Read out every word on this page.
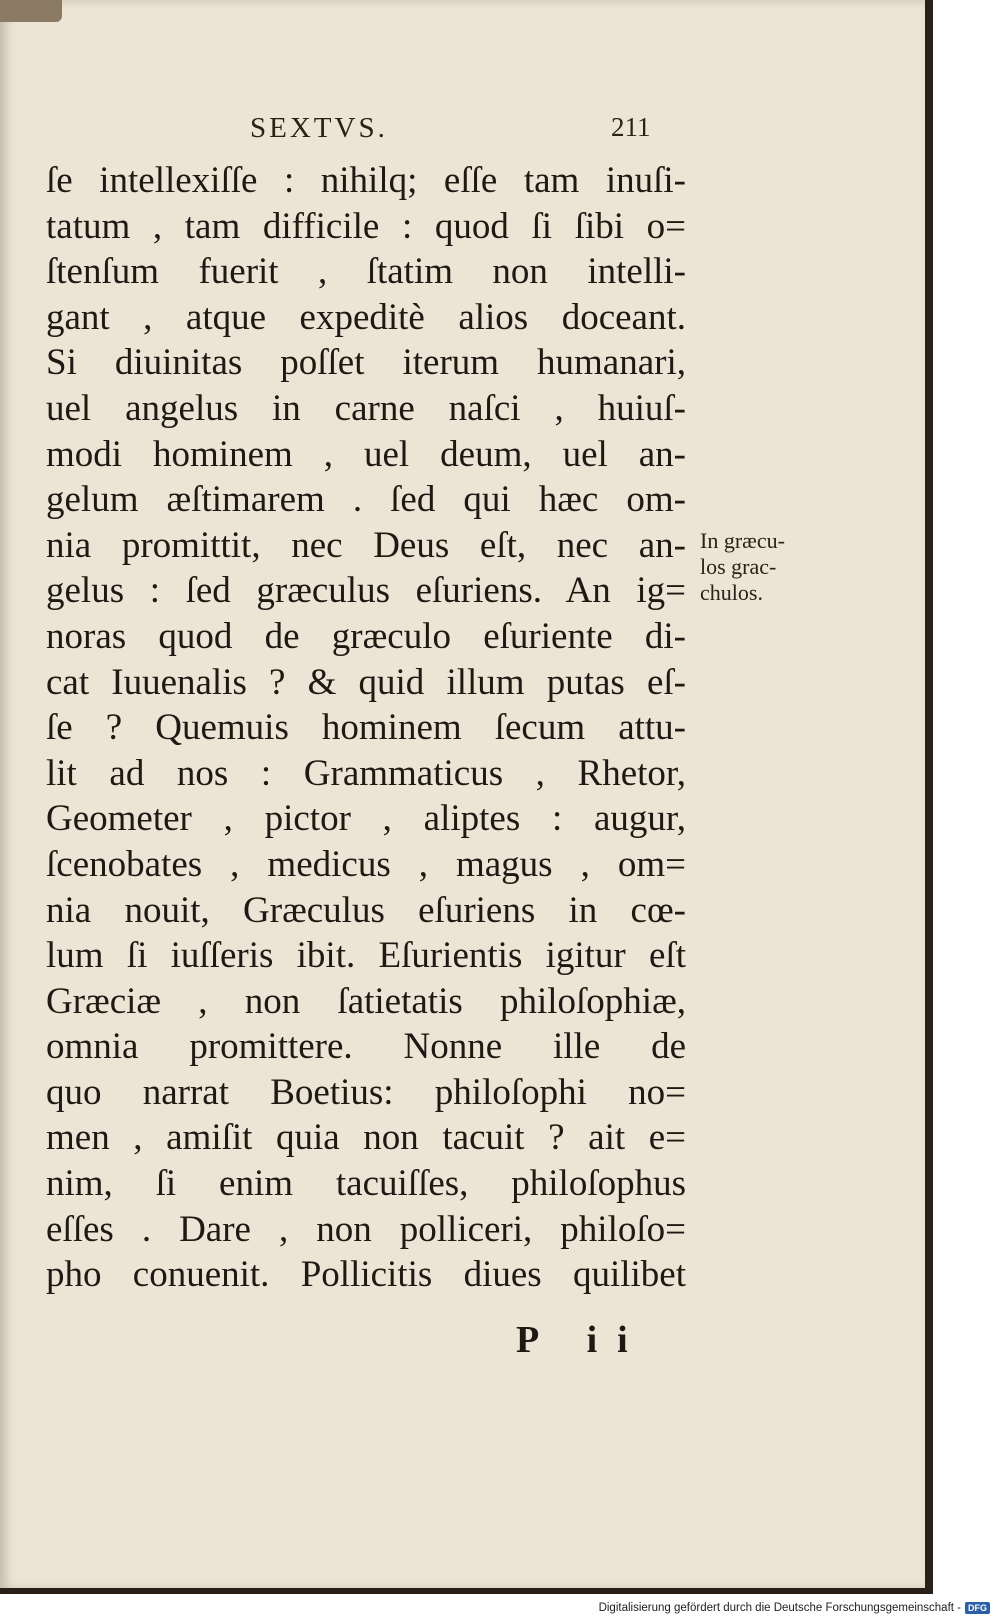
SEXTVS.	211
ſe intellexiſſe : nihilq; eſſe tam inuſi-
tatum , tam difficile : quod ſi ſibi o=
ſtenſum fuerit , ſtatim non intelli-
gant , atque expeditè alios doceant.
Si diuinitas poſſet iterum humanari,
uel angelus in carne naſci , huiuſ-
modi hominem , uel deum, uel an-
gelum æſtimarem . ſed qui hæc om-
nia promittit, nec Deus eſt, nec an-
gelus : ſed græculus eſuriens. An ig=
noras quod de græculo eſuriente di-
cat Iuuenalis ? & quid illum putas eſ-
ſe ? Quemuis hominem ſecum attu-
lit ad nos : Grammaticus , Rhetor,
Geometer , pictor , aliptes : augur,
ſcenobates , medicus , magus , om=
nia nouit, Græculus eſuriens in cœ-
lum ſi iuſſeris ibit. Eſurientis igitur eſt
Græciæ , non ſatietatis philoſophiæ,
omnia promittere. Nonne ille de
quo narrat Boetius: philoſophi no=
men , amiſit quia non tacuit ? ait e=
nim, ſi enim tacuiſſes, philoſophus
eſſes . Dare , non polliceri, philoſo=
pho conuenit. Pollicitis diues quilibet
In græcu-
los grac-
chulos.
P ii
Digitalisierung gefördert durch die Deutsche Forschungsgemeinschaft - DFG
